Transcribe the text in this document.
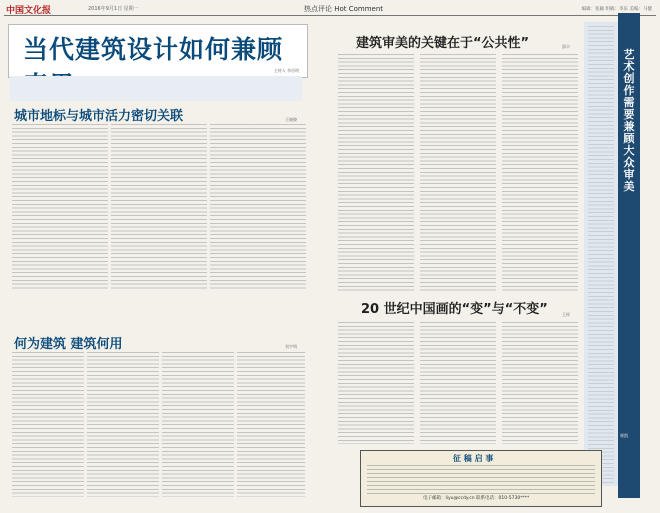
中国文化报	2016年9月1日 星期一	热点评论 Hot Comment	编辑：张颖 组稿：李乐 美编：马健
当代建筑设计如何兼顾
主持人 李昌明
城市地标与城市活力密切关联	王晓晓
何为建筑 建筑何用	刘宇明
建筑审美的关键在于“公共性”	邵丰
20 世纪中国画的“变”与“不变”	王梓
艺术创作需要兼顾大众审美
崔凯
征 稿 启 事
电子邮箱：liyu@ccdy.cn 联系电话：010-5730****
